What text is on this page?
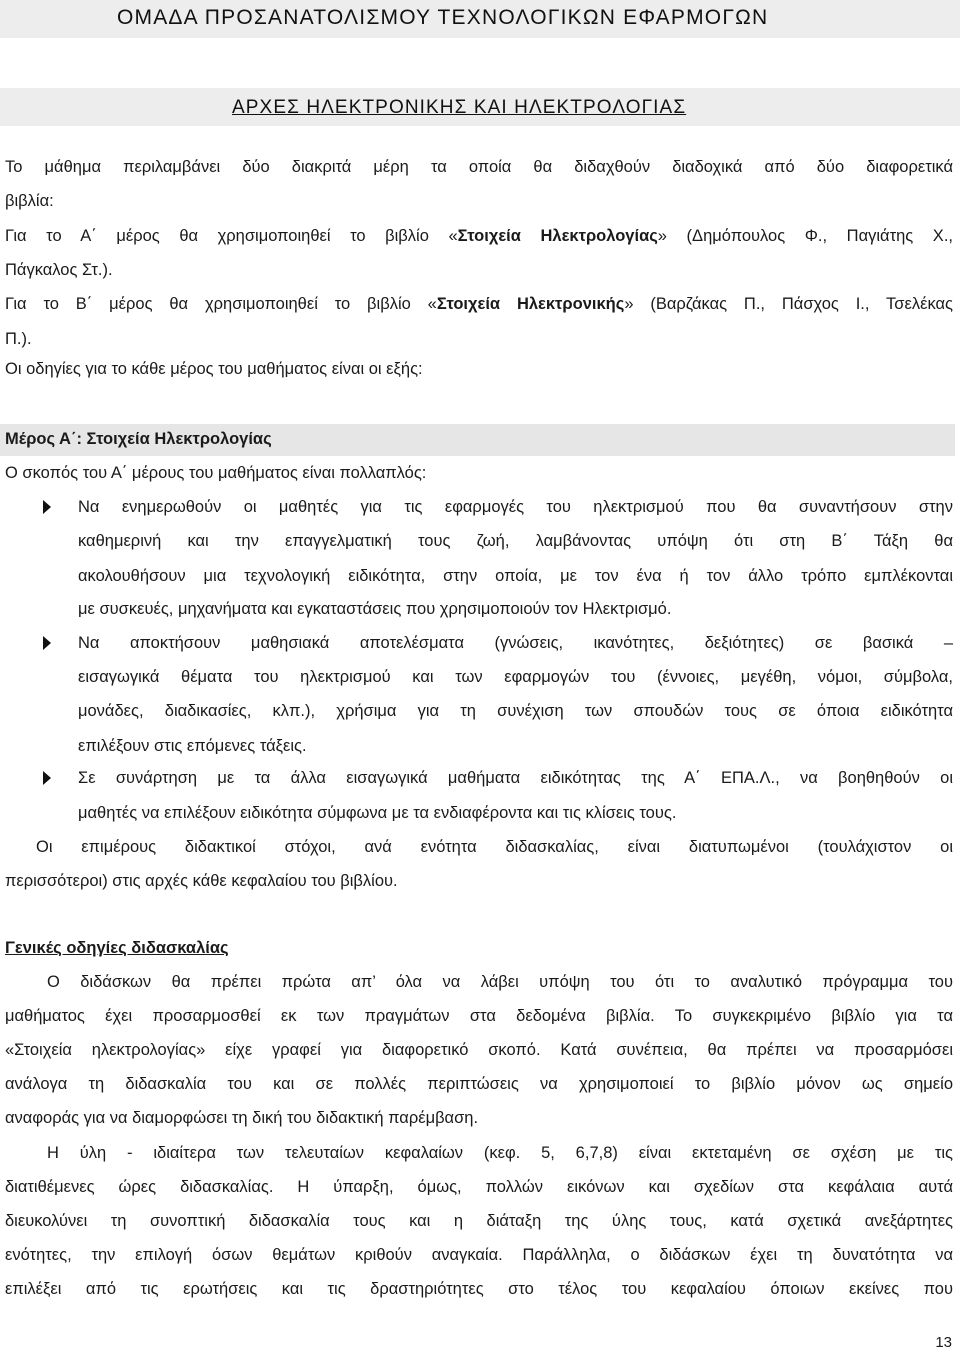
ΟΜΑΔΑ ΠΡΟΣΑΝΑΤΟΛΙΣΜΟΥ ΤΕΧΝΟΛΟΓΙΚΩΝ ΕΦΑΡΜΟΓΩΝ
ΑΡΧΕΣ ΗΛΕΚΤΡΟΝΙΚΗΣ ΚΑΙ ΗΛΕΚΤΡΟΛΟΓΙΑΣ
Το μάθημα περιλαμβάνει δύο διακριτά μέρη τα οποία θα διδαχθούν διαδοχικά από δύο διαφορετικά
βιβλία:
Για το Α΄ μέρος θα χρησιμοποιηθεί το βιβλίο «Στοιχεία Ηλεκτρολογίας» (Δημόπουλος Φ., Παγιάτης Χ.,
Πάγκαλος Στ.).
Για το Β΄ μέρος θα χρησιμοποιηθεί το βιβλίο «Στοιχεία Ηλεκτρονικής» (Βαρζάκας Π., Πάσχος Ι., Τσελέκας
Π.).
Οι οδηγίες για το κάθε μέρος του μαθήματος είναι οι εξής:
Μέρος Α΄: Στοιχεία Ηλεκτρολογίας
Ο σκοπός του Α΄ μέρους του μαθήματος είναι πολλαπλός:
Να ενημερωθούν οι μαθητές για τις εφαρμογές του ηλεκτρισμού που θα συναντήσουν στην
καθημερινή και την επαγγελματική τους ζωή, λαμβάνοντας υπόψη ότι στη Β΄ Τάξη θα
ακολουθήσουν μια τεχνολογική ειδικότητα, στην οποία, με τον ένα ή τον άλλο τρόπο εμπλέκονται
με συσκευές, μηχανήματα και εγκαταστάσεις που χρησιμοποιούν τον Ηλεκτρισμό.
Να αποκτήσουν μαθησιακά αποτελέσματα (γνώσεις, ικανότητες, δεξιότητες) σε βασικά –
εισαγωγικά θέματα του ηλεκτρισμού και των εφαρμογών του (έννοιες, μεγέθη, νόμοι, σύμβολα,
μονάδες, διαδικασίες, κλπ.), χρήσιμα για τη συνέχιση των σπουδών τους σε όποια ειδικότητα
επιλέξουν στις επόμενες τάξεις.
Σε συνάρτηση με τα άλλα εισαγωγικά μαθήματα ειδικότητας της Α΄ ΕΠΑ.Λ., να βοηθηθούν οι
μαθητές να επιλέξουν ειδικότητα σύμφωνα με τα ενδιαφέροντα και τις κλίσεις τους.
Οι επιμέρους διδακτικοί στόχοι, ανά ενότητα διδασκαλίας, είναι διατυπωμένοι (τουλάχιστον οι
περισσότεροι) στις αρχές κάθε κεφαλαίου του βιβλίου.
Γενικές οδηγίες διδασκαλίας
Ο διδάσκων θα πρέπει πρώτα απ’ όλα να λάβει υπόψη του ότι το αναλυτικό πρόγραμμα του
μαθήματος έχει προσαρμοσθεί εκ των πραγμάτων στα δεδομένα βιβλία. Το συγκεκριμένο βιβλίο για τα
«Στοιχεία ηλεκτρολογίας» είχε γραφεί για διαφορετικό σκοπό. Κατά συνέπεια, θα πρέπει να προσαρμόσει
ανάλογα τη διδασκαλία του και σε πολλές περιπτώσεις να χρησιμοποιεί το βιβλίο μόνον ως σημείο
αναφοράς για να διαμορφώσει τη δική του διδακτική παρέμβαση.
Η ύλη - ιδιαίτερα των τελευταίων κεφαλαίων (κεφ. 5, 6,7,8) είναι εκτεταμένη σε σχέση με τις
διατιθέμενες ώρες διδασκαλίας. Η ύπαρξη, όμως, πολλών εικόνων και σχεδίων στα κεφάλαια αυτά
διευκολύνει τη συνοπτική διδασκαλία τους και η διάταξη της ύλης τους, κατά σχετικά ανεξάρτητες
ενότητες, την επιλογή όσων θεμάτων κριθούν αναγκαία. Παράλληλα, ο διδάσκων έχει τη δυνατότητα να
επιλέξει από τις ερωτήσεις και τις δραστηριότητες στο τέλος του κεφαλαίου όποιων εκείνες που
13
